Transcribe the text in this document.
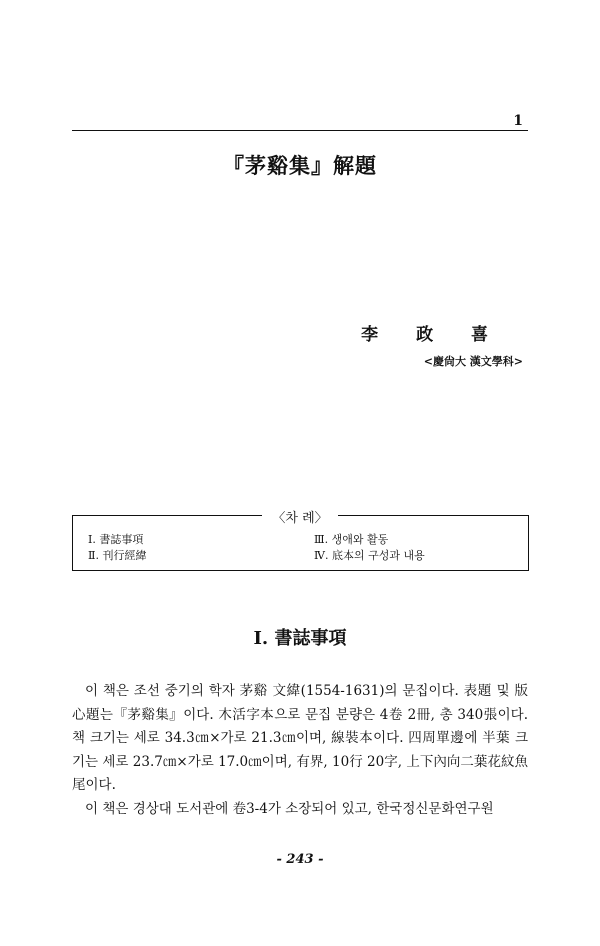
1
『茅谿集』解題
李 政 喜
<慶尙大 漢文學科>
〈차 례〉
Ⅰ. 書誌事項
Ⅱ. 刊行經緯
Ⅲ. 생애와 활동
Ⅳ. 底本의 구성과 내용
Ⅰ. 書誌事項

이 책은 조선 중기의 학자 茅谿 文緯(1554-1631)의 문집이다. 表題 및 版心題는『茅谿集』이다. 木活字本으로 문집 분량은 4卷 2冊, 총 340張이다. 책 크기는 세로 34.3㎝×가로 21.3㎝이며, 線裝本이다. 四周單邊에 半葉 크기는 세로 23.7㎝×가로 17.0㎝이며, 有界, 10行 20字, 上下內向二葉花紋魚尾이다.

이 책은 경상대 도서관에 卷3-4가 소장되어 있고, 한국정신문화연구원

- 243 -
